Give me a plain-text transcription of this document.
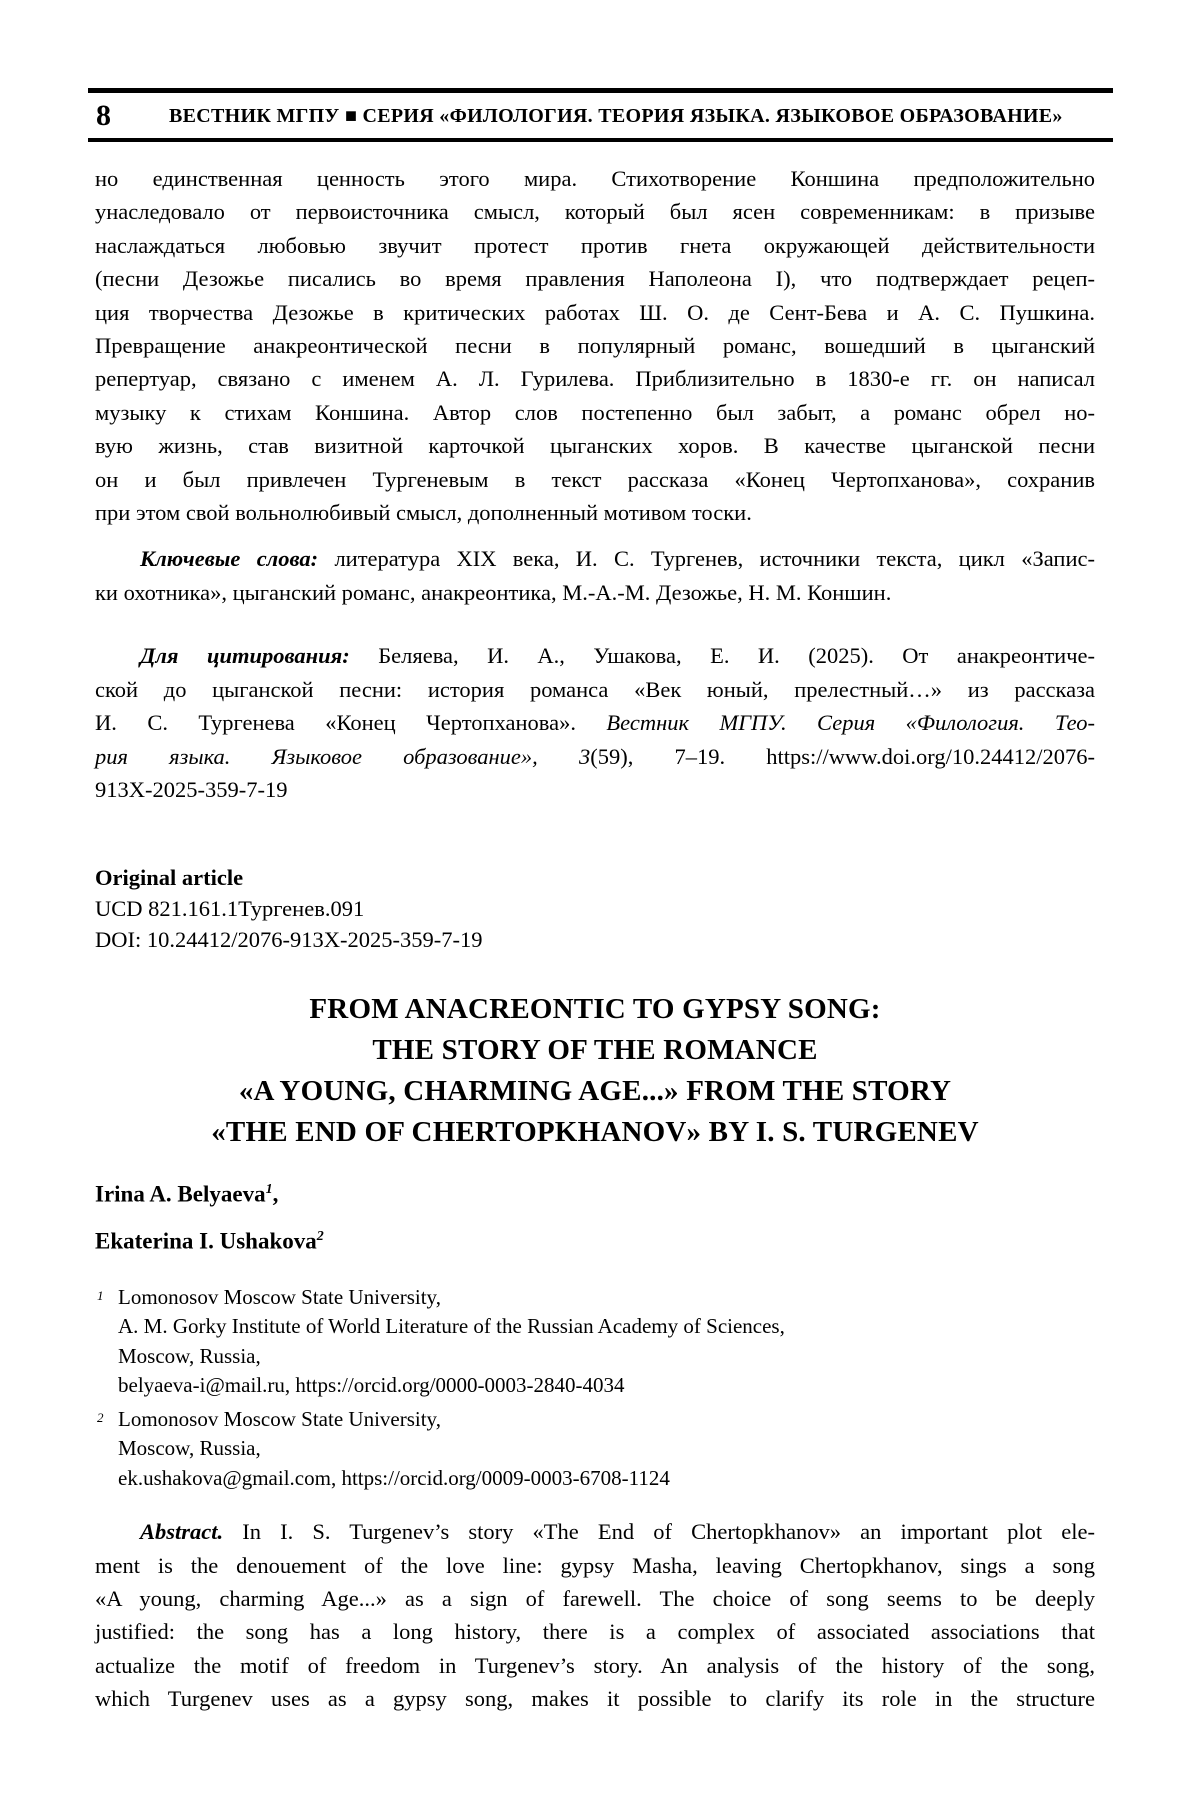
8	ВЕСТНИК МГПУ ■ СЕРИЯ «ФИЛОЛОГИЯ. ТЕОРИЯ ЯЗЫКА. ЯЗЫКОВОЕ ОБРАЗОВАНИЕ»
но единственная ценность этого мира. Стихотворение Коншина предположительно
унаследовало от первоисточника смысл, который был ясен современникам: в призыве
наслаждаться любовью звучит протест против гнета окружающей действительности
(песни Дезожье писались во время правления Наполеона I), что подтверждает рецеп-
ция творчества Дезожье в критических работах Ш. О. де Сент-Бева и А. С. Пушкина.
Превращение анакреонтической песни в популярный романс, вошедший в цыганский
репертуар, связано с именем А. Л. Гурилева. Приблизительно в 1830-е гг. он написал
музыку к стихам Коншина. Автор слов постепенно был забыт, а романс обрел но-
вую жизнь, став визитной карточкой цыганских хоров. В качестве цыганской песни
он и был привлечен Тургеневым в текст рассказа «Конец Чертопханова», сохранив
при этом свой вольнолюбивый смысл, дополненный мотивом тоски.
Ключевые слова: литература XIX века, И. С. Тургенев, источники текста, цикл «Запис-
ки охотника», цыганский романс, анакреонтика, М.-А.-М. Дезожье, Н. М. Коншин.
Для цитирования: Беляева, И. А., Ушакова, Е. И. (2025). От анакреонтиче-
ской до цыганской песни: история романса «Век юный, прелестный…» из рассказа
И. С. Тургенева «Конец Чертопханова». Вестник МГПУ. Серия «Филология. Тео-
рия языка. Языковое образование», 3(59), 7–19. https://www.doi.org/10.24412/2076-
913X-2025-359-7-19
Original article
UCD 821.161.1Тургенев.091
DOI: 10.24412/2076-913X-2025-359-7-19
FROM ANACREONTIC TO GYPSY SONG:
THE STORY OF THE ROMANCE
«A YOUNG, CHARMING AGE...» FROM THE STORY
«THE END OF CHERTOPKHANOV» BY I. S. TURGENEV
Irina A. Belyaeva$^1$,
Ekaterina I. Ushakova$^2$
1 Lomonosov Moscow State University,
A. M. Gorky Institute of World Literature of the Russian Academy of Sciences,
Moscow, Russia,
belyaeva-i@mail.ru, https://orcid.org/0000-0003-2840-4034
2 Lomonosov Moscow State University,
Moscow, Russia,
ek.ushakova@gmail.com, https://orcid.org/0009-0003-6708-1124
Abstract. In I. S. Turgenev’s story «The End of Chertopkhanov» an important plot ele-
ment is the denouement of the love line: gypsy Masha, leaving Chertopkhanov, sings a song
«A young, charming Age...» as a sign of farewell. The choice of song seems to be deeply
justified: the song has a long history, there is a complex of associated associations that
actualize the motif of freedom in Turgenev’s story. An analysis of the history of the song,
which Turgenev uses as a gypsy song, makes it possible to clarify its role in the structure
